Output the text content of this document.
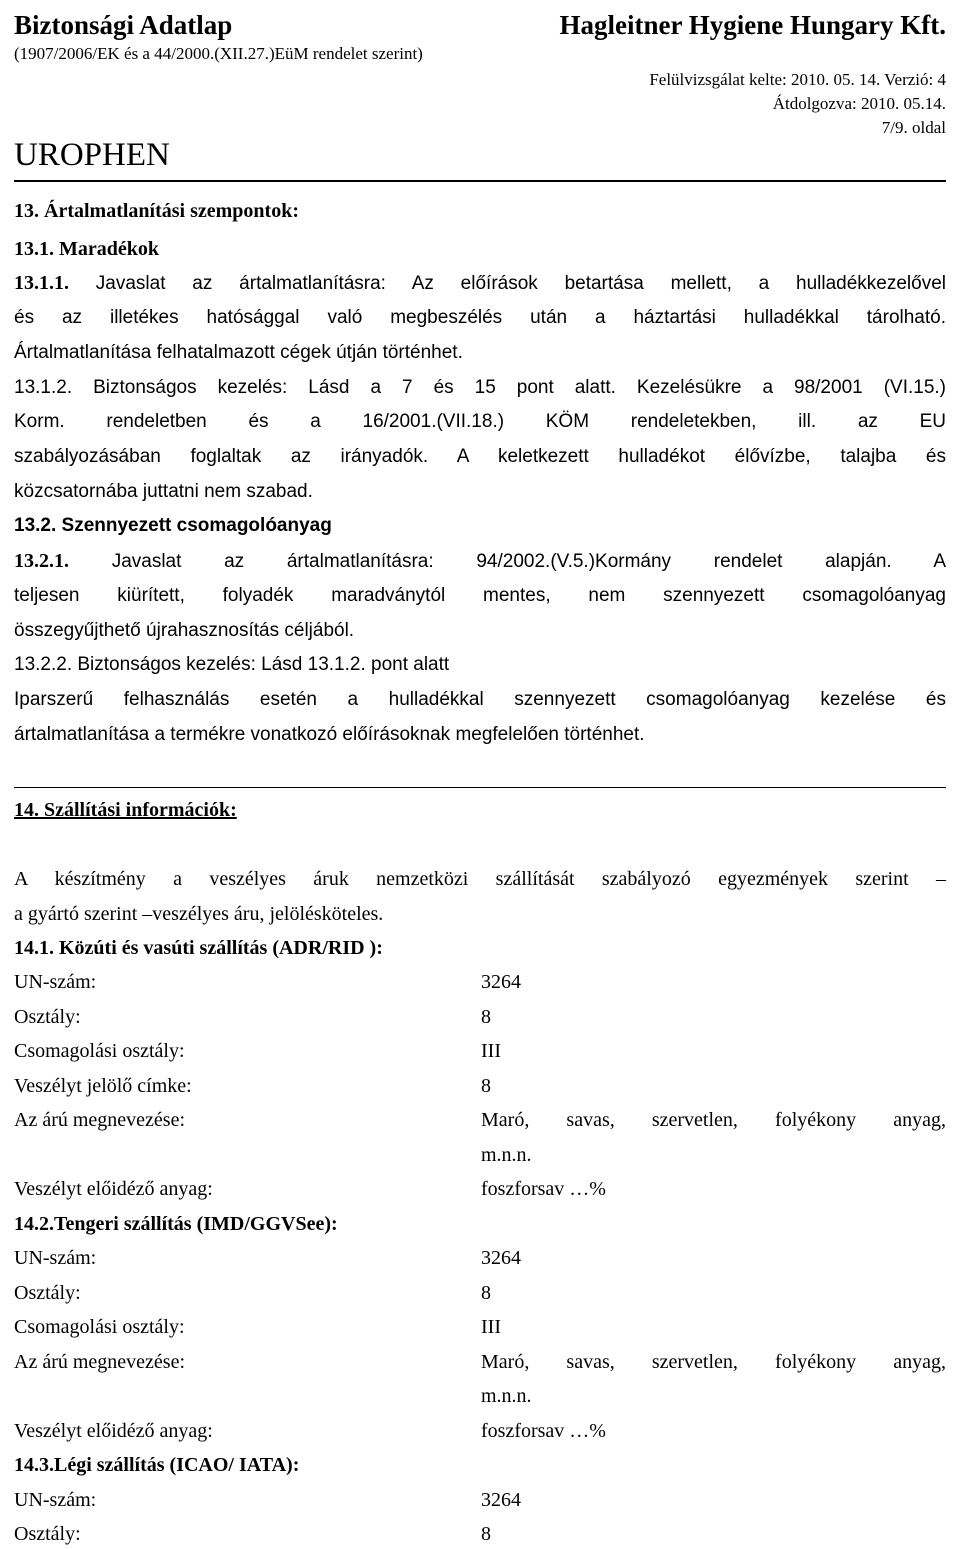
Biztonsági Adatlap
(1907/2006/EK és a 44/2000.(XII.27.)EüM rendelet szerint)
Hagleitner Hygiene Hungary Kft.
Felülvizsgálat kelte: 2010. 05. 14. Verzió: 4
Átdolgozva: 2010. 05.14.
7/9. oldal
UROPHEN
13. Ártalmatlanítási szempontok:
13.1. Maradékok
13.1.1. Javaslat az ártalmatlanításra: Az előírások betartása mellett, a hulladékkezelővel
és az illetékes hatósággal való megbeszélés után a háztartási hulladékkal tárolható.
Ártalmatlanítása felhatalmazott cégek útján történhet.
13.1.2. Biztonságos kezelés: Lásd a 7 és 15 pont alatt. Kezelésükre a 98/2001 (VI.15.)
Korm. rendeletben és a 16/2001.(VII.18.) KÖM rendeletekben, ill. az EU
szabályozásában foglaltak az irányadók. A keletkezett hulladékot élővízbe, talajba és
közcsatornába juttatni nem szabad.
13.2. Szennyezett csomagolóanyag
13.2.1. Javaslat az ártalmatlanításra: 94/2002.(V.5.)Kormány rendelet alapján. A
teljesen kiürített, folyadék maradványtól mentes, nem szennyezett csomagolóanyag
összegyűjthető újrahasznosítás céljából.
13.2.2. Biztonságos kezelés: Lásd 13.1.2. pont alatt
Iparszerű felhasználás esetén a hulladékkal szennyezett csomagolóanyag kezelése és
ártalmatlanítása a termékre vonatkozó előírásoknak megfelelően történhet.
14. Szállítási információk:
A készítmény a veszélyes áruk nemzetközi szállítását szabályozó egyezmények szerint –
a gyártó szerint –veszélyes áru, jelölésköteles.
14.1. Közúti és vasúti szállítás (ADR/RID ):
UN-szám:	3264
Osztály:	8
Csomagolási osztály:	III
Veszélyt jelölő címke:	8
Az árú megnevezése:	Maró, savas, szervetlen, folyékony anyag,
m.n.n.
Veszélyt előidéző anyag:	foszforsav …%
14.2.Tengeri szállítás (IMD/GGVSee):
UN-szám:	3264
Osztály:	8
Csomagolási osztály:	III
Az árú megnevezése:	Maró, savas, szervetlen, folyékony anyag,
m.n.n.
Veszélyt előidéző anyag:	foszforsav …%
14.3.Légi szállítás (ICAO/ IATA):
UN-szám:	3264
Osztály:	8
